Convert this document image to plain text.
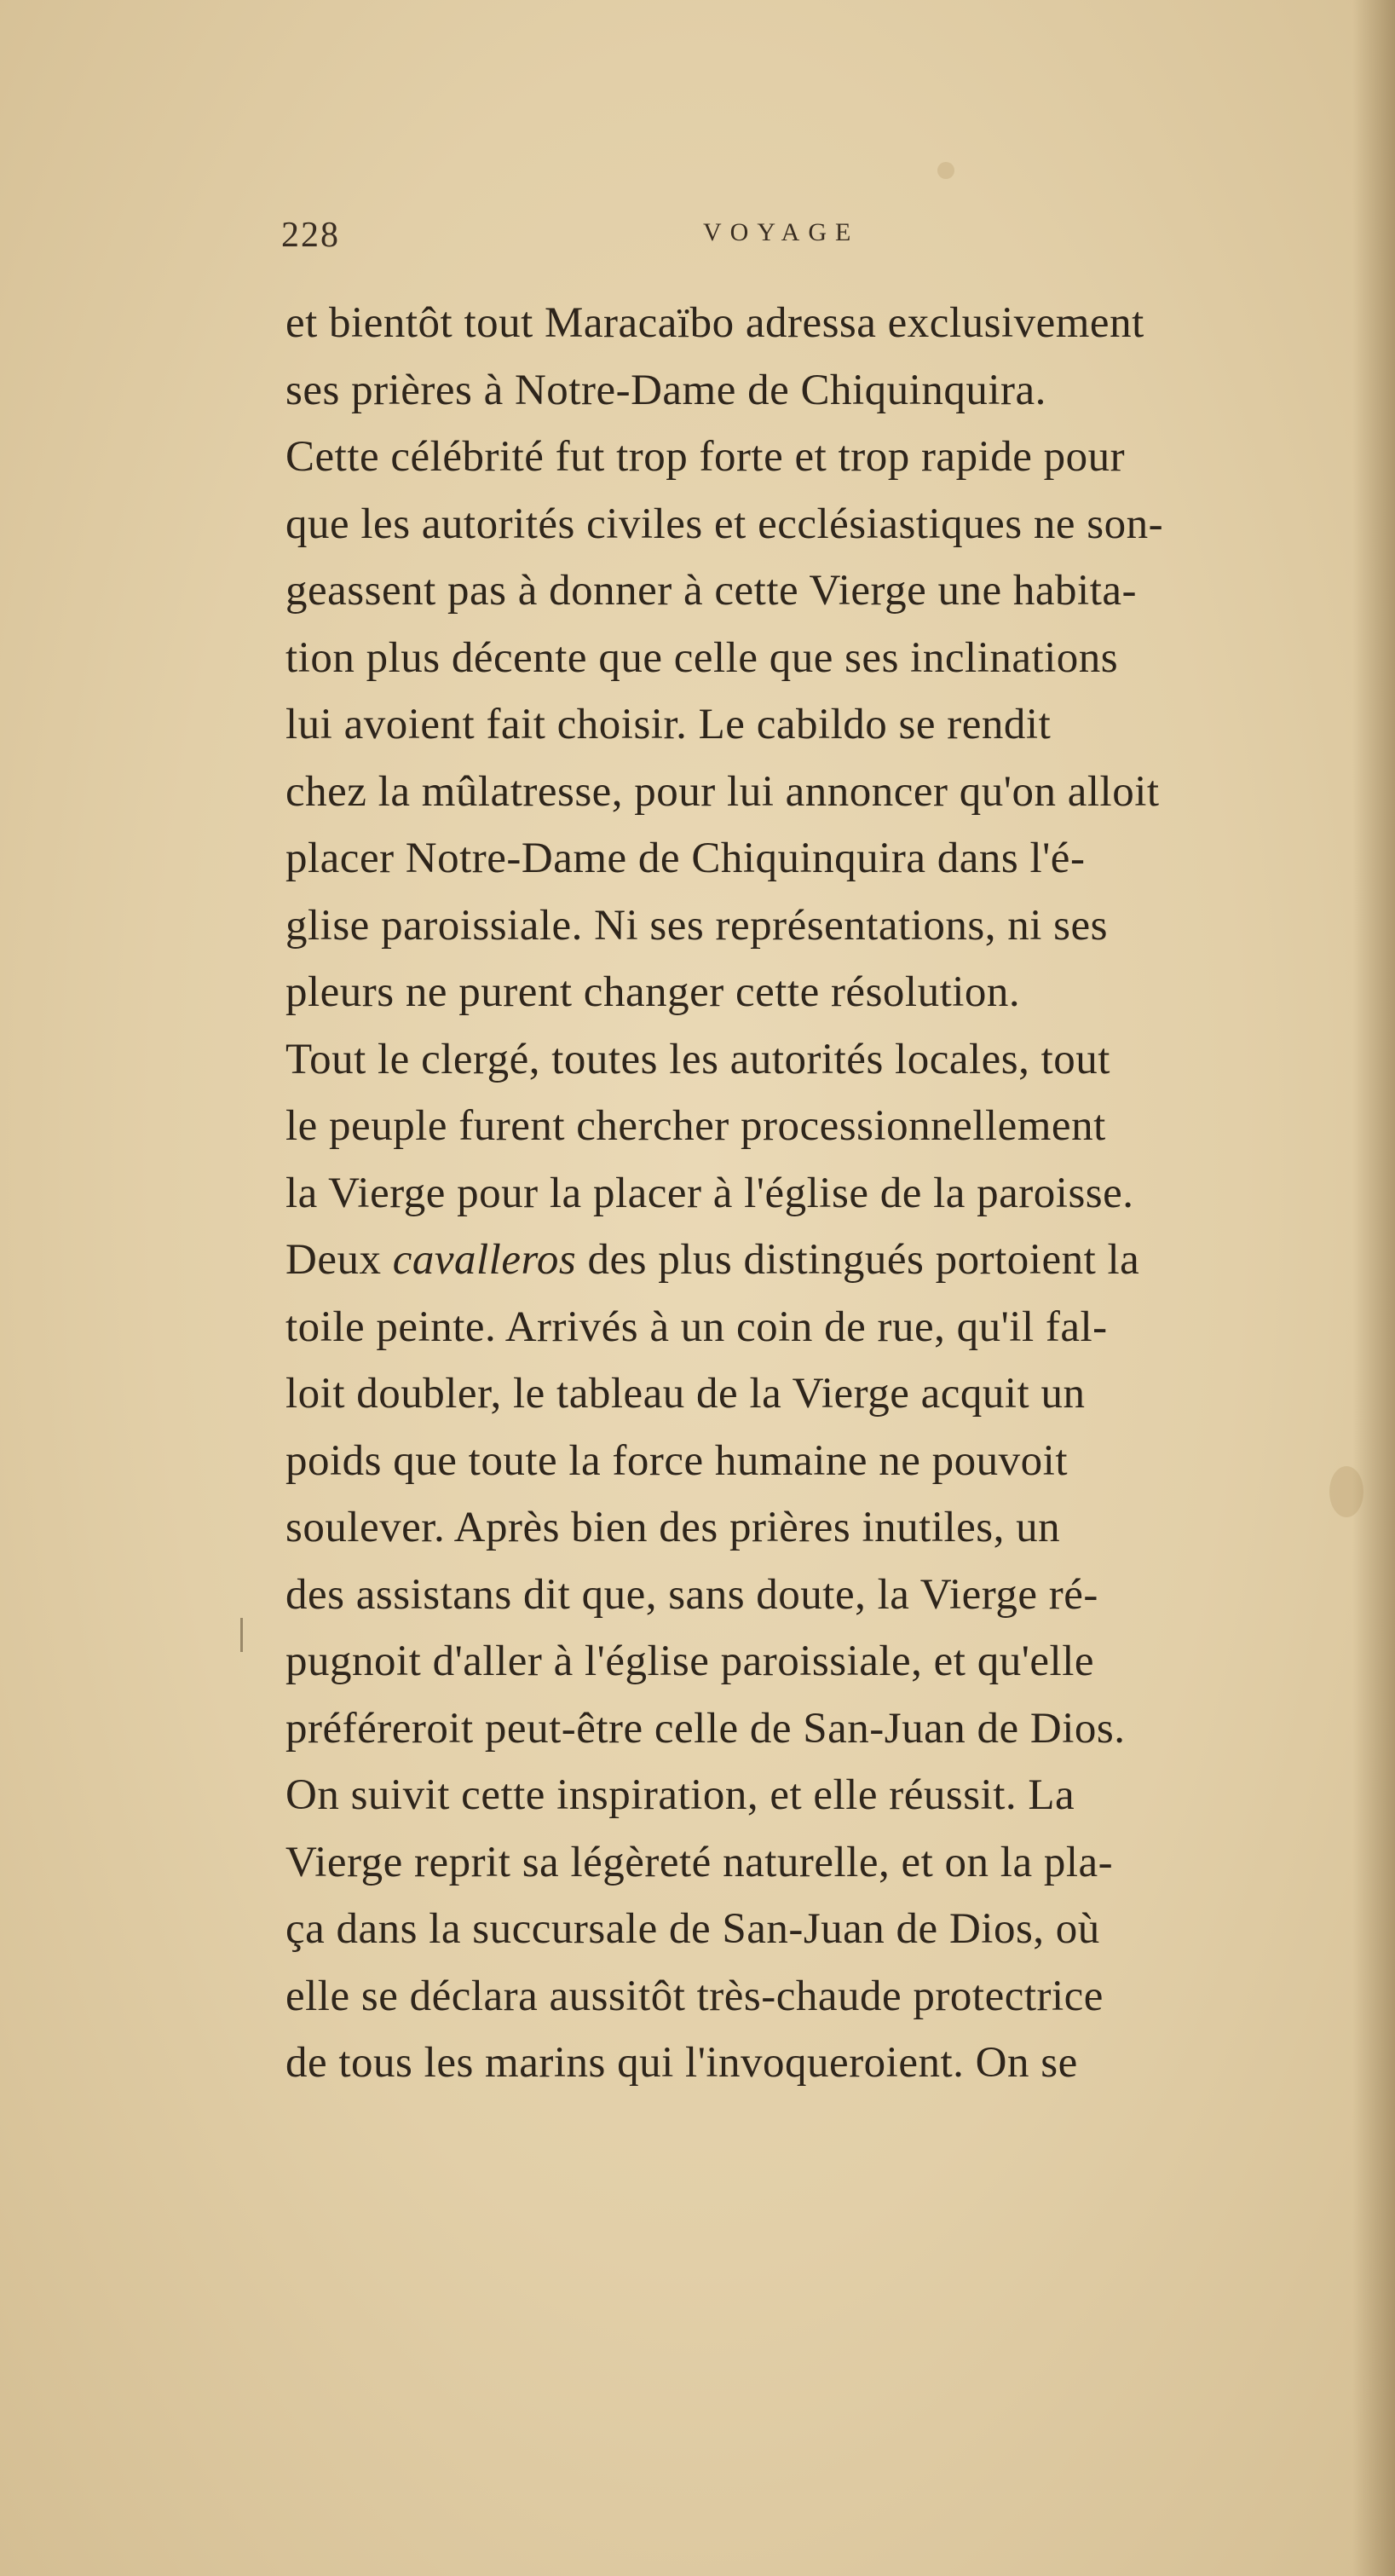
228	VOYAGE
et bientôt tout Maracaïbo adressa exclusivement
ses prières à Notre-Dame de Chiquinquira.
Cette célébrité fut trop forte et trop rapide pour
que les autorités civiles et ecclésiastiques ne son-
geassent pas à donner à cette Vierge une habita-
tion plus décente que celle que ses inclinations
lui avoient fait choisir. Le cabildo se rendit
chez la mûlatresse, pour lui annoncer qu'on alloit
placer Notre-Dame de Chiquinquira dans l'é-
glise paroissiale. Ni ses représentations, ni ses
pleurs ne purent changer cette résolution.
Tout le clergé, toutes les autorités locales, tout
le peuple furent chercher processionnellement
la Vierge pour la placer à l'église de la paroisse.
Deux cavalleros des plus distingués portoient la
toile peinte. Arrivés à un coin de rue, qu'il fal-
loit doubler, le tableau de la Vierge acquit un
poids que toute la force humaine ne pouvoit
soulever. Après bien des prières inutiles, un
des assistans dit que, sans doute, la Vierge ré-
pugnoit d'aller à l'église paroissiale, et qu'elle
préféreroit peut-être celle de San-Juan de Dios.
On suivit cette inspiration, et elle réussit. La
Vierge reprit sa légèreté naturelle, et on la pla-
ça dans la succursale de San-Juan de Dios, où
elle se déclara aussitôt très-chaude protectrice
de tous les marins qui l'invoqueroient. On se
